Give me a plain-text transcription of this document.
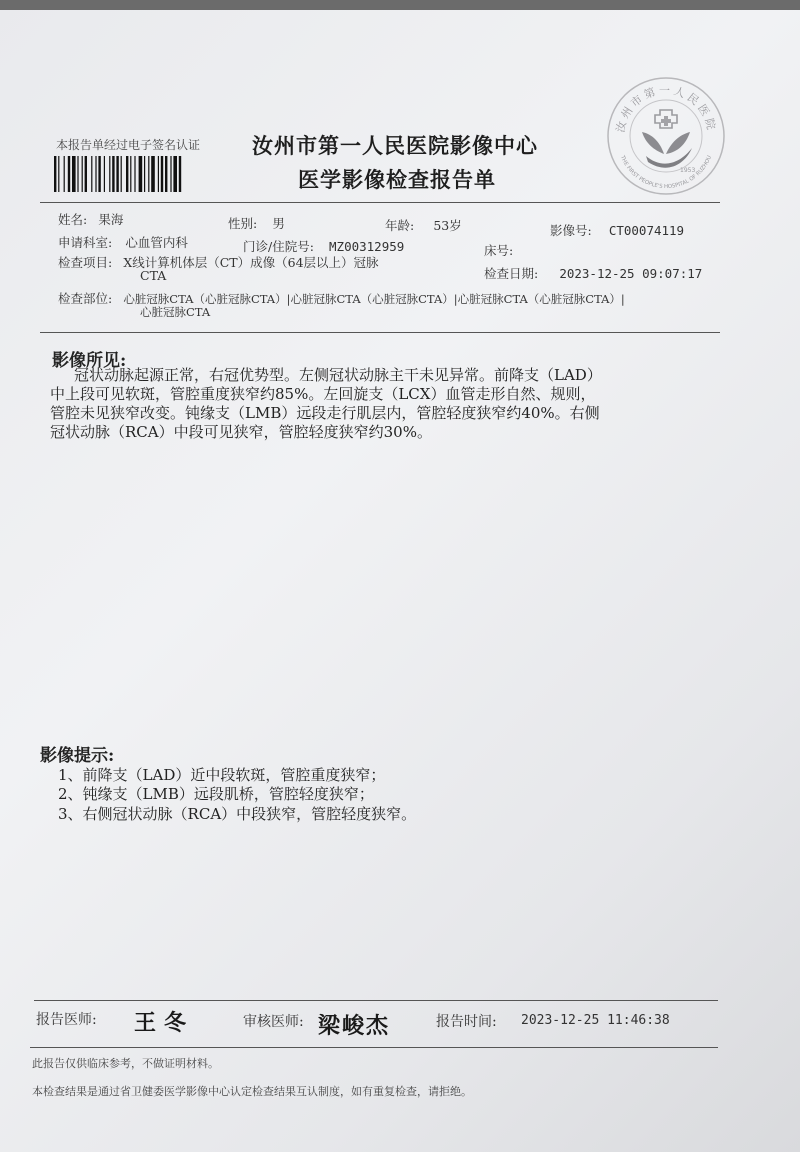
本报告单经过电子签名认证 汝州市第一人民医院影像中心
医学影像检查报告单
汝州市第一人民医院
THE FIRST PEOPLE'S HOSPITAL OF RUZHOU
1953
姓名: 果海	性别: 男	年龄: 53岁	影像号: CT00074119
申请科室: 心血管内科	门诊/住院号: MZ00312959	床号:
检查项目: X线计算机体层（CT）成像（64层以上）冠脉
CTA	检查日期: 2023-12-25 09:07:17
检查部位: 心脏冠脉CTA（心脏冠脉CTA）|心脏冠脉CTA（心脏冠脉CTA）|心脏冠脉CTA（心脏冠脉CTA）|
心脏冠脉CTA
影像所见:
冠状动脉起源正常，右冠优势型。左侧冠状动脉主干未见异常。前降支（LAD）
中上段可见软斑，管腔重度狭窄约85%。左回旋支（LCX）血管走形自然、规则，
管腔未见狭窄改变。钝缘支（LMB）远段走行肌层内，管腔轻度狭窄约40%。右侧
冠状动脉（RCA）中段可见狭窄，管腔轻度狭窄约30%。
影像提示:
1、前降支（LAD）近中段软斑，管腔重度狭窄；
2、钝缘支（LMB）远段肌桥，管腔轻度狭窄；
3、右侧冠状动脉（RCA）中段狭窄，管腔轻度狭窄。
报告医师: 王冬	审核医师: 梁峻杰	报告时间: 2023-12-25 11:46:38
此报告仅供临床参考，不做证明材料。
本检查结果是通过省卫健委医学影像中心认定检查结果互认制度，如有重复检查，请拒绝。
